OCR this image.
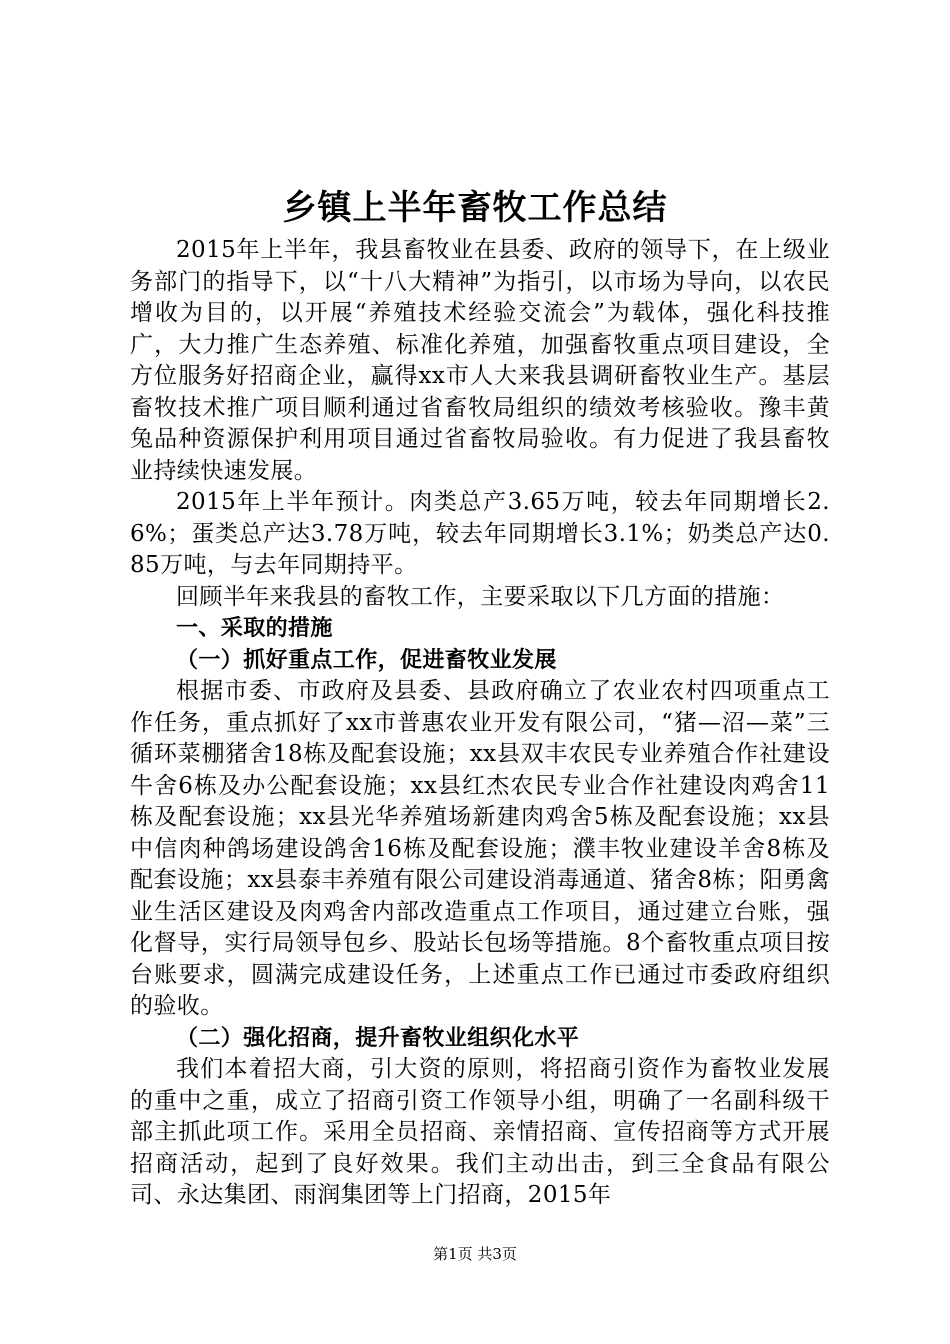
乡镇上半年畜牧工作总结

2015年上半年，我县畜牧业在县委、政府的领导下，在上级业务部门的指导下，以“十八大精神”为指引，以市场为导向，以农民增收为目的，以开展“养殖技术经验交流会”为载体，强化科技推广，大力推广生态养殖、标准化养殖，加强畜牧重点项目建设，全方位服务好招商企业，赢得xx市人大来我县调研畜牧业生产。基层畜牧技术推广项目顺利通过省畜牧局组织的绩效考核验收。豫丰黄兔品种资源保护利用项目通过省畜牧局验收。有力促进了我县畜牧业持续快速发展。

2015年上半年预计。肉类总产3.65万吨，较去年同期增长2.6%；蛋类总产达3.78万吨，较去年同期增长3.1%；奶类总产达0.85万吨，与去年同期持平。

回顾半年来我县的畜牧工作，主要采取以下几方面的措施：

一、采取的措施

（一）抓好重点工作，促进畜牧业发展

根据市委、市政府及县委、县政府确立了农业农村四项重点工作任务，重点抓好了xx市普惠农业开发有限公司，“猪—沼—菜”三循环菜棚猪舍18栋及配套设施；xx县双丰农民专业养殖合作社建设牛舍6栋及办公配套设施；xx县红杰农民专业合作社建设肉鸡舍11栋及配套设施；xx县光华养殖场新建肉鸡舍5栋及配套设施；xx县中信肉种鸽场建设鸽舍16栋及配套设施；濮丰牧业建设羊舍8栋及配套设施；xx县泰丰养殖有限公司建设消毒通道、猪舍8栋；阳勇禽业生活区建设及肉鸡舍内部改造重点工作项目，通过建立台账，强化督导，实行局领导包乡、股站长包场等措施。8个畜牧重点项目按台账要求，圆满完成建设任务，上述重点工作已通过市委政府组织的验收。

（二）强化招商，提升畜牧业组织化水平

我们本着招大商，引大资的原则，将招商引资作为畜牧业发展的重中之重，成立了招商引资工作领导小组，明确了一名副科级干部主抓此项工作。采用全员招商、亲情招商、宣传招商等方式开展招商活动，起到了良好效果。我们主动出击，到三全食品有限公司、永达集团、雨润集团等上门招商，2015年

第1页 共3页
